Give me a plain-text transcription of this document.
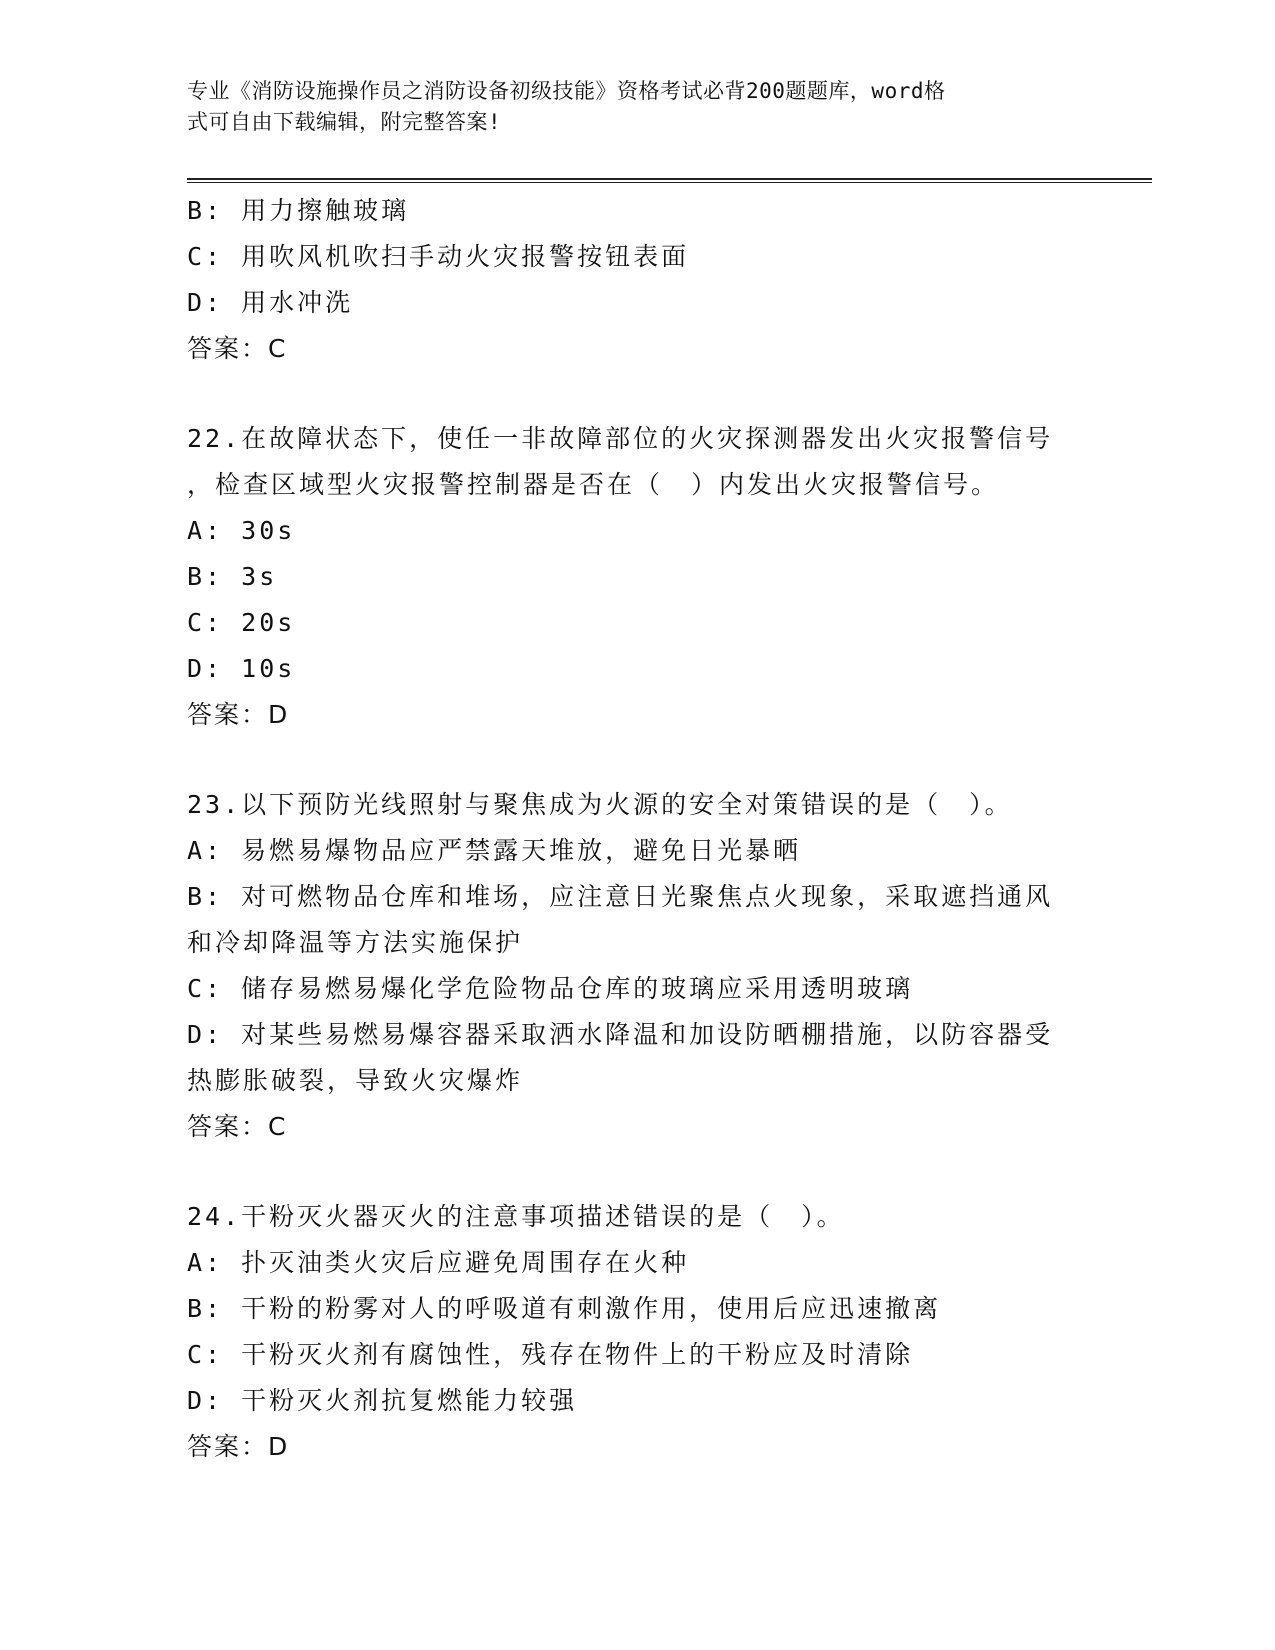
专业《消防设施操作员之消防设备初级技能》资格考试必背200题题库，word格
式可自由下载编辑，附完整答案!
B: 用力擦触玻璃
C: 用吹风机吹扫手动火灾报警按钮表面
D: 用水冲洗
答案：C
22.在故障状态下，使任一非故障部位的火灾探测器发出火灾报警信号
，检查区域型火灾报警控制器是否在（　）内发出火灾报警信号。
A: 30s
B: 3s
C: 20s
D: 10s
答案：D
23.以下预防光线照射与聚焦成为火源的安全对策错误的是（　）。
A: 易燃易爆物品应严禁露天堆放，避免日光暴晒
B: 对可燃物品仓库和堆场，应注意日光聚焦点火现象，采取遮挡通风
和冷却降温等方法实施保护
C: 储存易燃易爆化学危险物品仓库的玻璃应采用透明玻璃
D: 对某些易燃易爆容器采取洒水降温和加设防晒棚措施，以防容器受
热膨胀破裂，导致火灾爆炸
答案：C
24.干粉灭火器灭火的注意事项描述错误的是（　）。
A: 扑灭油类火灾后应避免周围存在火种
B: 干粉的粉雾对人的呼吸道有刺激作用，使用后应迅速撤离
C: 干粉灭火剂有腐蚀性，残存在物件上的干粉应及时清除
D: 干粉灭火剂抗复燃能力较强
答案：D
